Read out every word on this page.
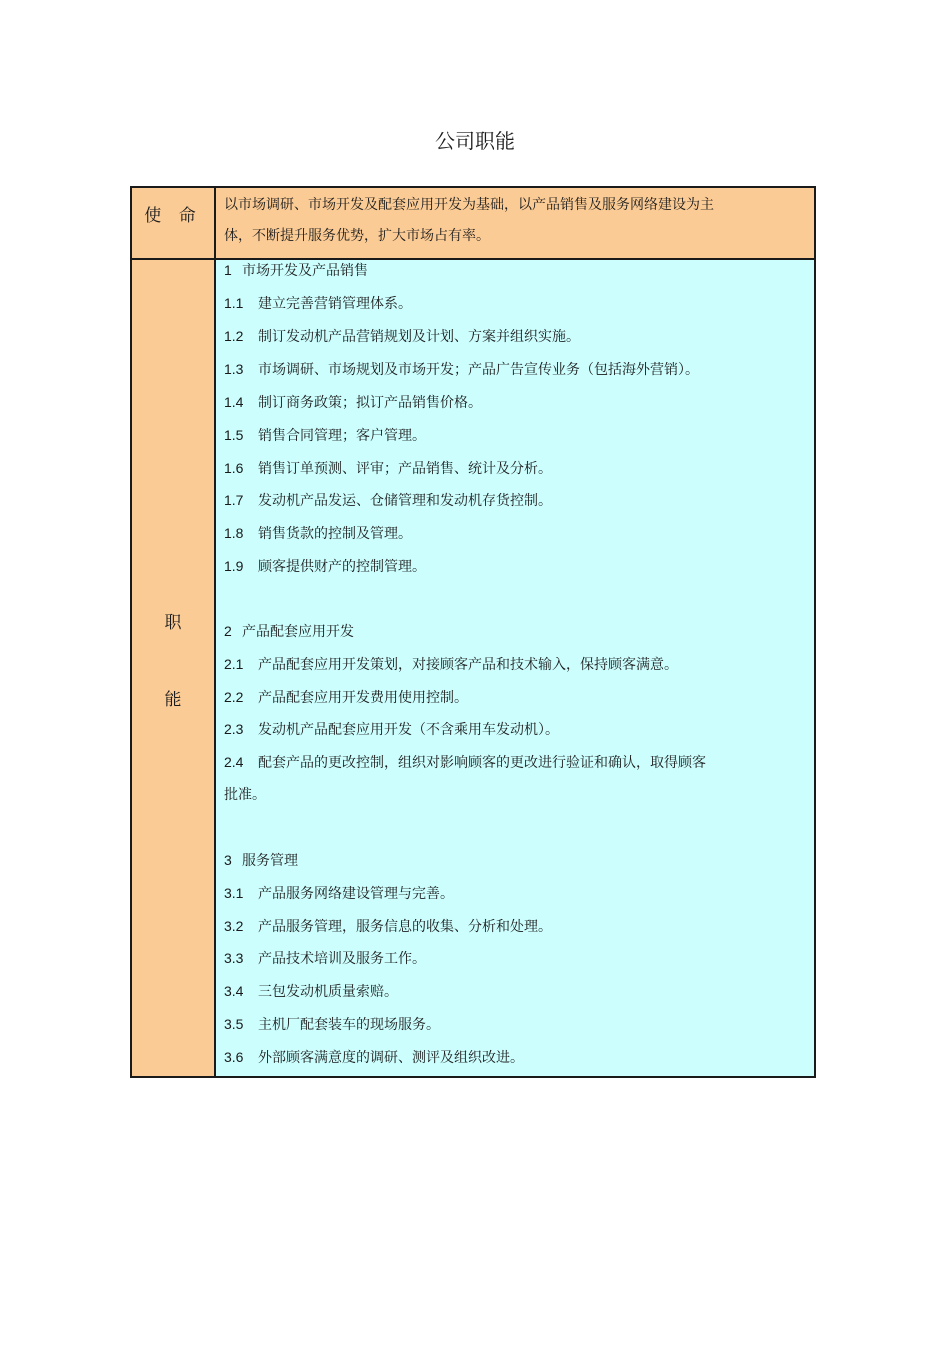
公司职能
使 命
以市场调研、市场开发及配套应用开发为基础，以产品销售及服务网络建设为主
体，不断提升服务优势，扩大市场占有率。
职
能
1 市场开发及产品销售
1.1 建立完善营销管理体系。
1.2 制订发动机产品营销规划及计划、方案并组织实施。
1.3 市场调研、市场规划及市场开发；产品广告宣传业务（包括海外营销）。
1.4 制订商务政策；拟订产品销售价格。
1.5 销售合同管理；客户管理。
1.6 销售订单预测、评审；产品销售、统计及分析。
1.7 发动机产品发运、仓储管理和发动机存货控制。
1.8 销售货款的控制及管理。
1.9 顾客提供财产的控制管理。
2 产品配套应用开发
2.1 产品配套应用开发策划，对接顾客产品和技术输入，保持顾客满意。
2.2 产品配套应用开发费用使用控制。
2.3 发动机产品配套应用开发（不含乘用车发动机）。
2.4 配套产品的更改控制，组织对影响顾客的更改进行验证和确认，取得顾客
批准。
3 服务管理
3.1 产品服务网络建设管理与完善。
3.2 产品服务管理，服务信息的收集、分析和处理。
3.3 产品技术培训及服务工作。
3.4 三包发动机质量索赔。
3.5 主机厂配套装车的现场服务。
3.6 外部顾客满意度的调研、测评及组织改进。
